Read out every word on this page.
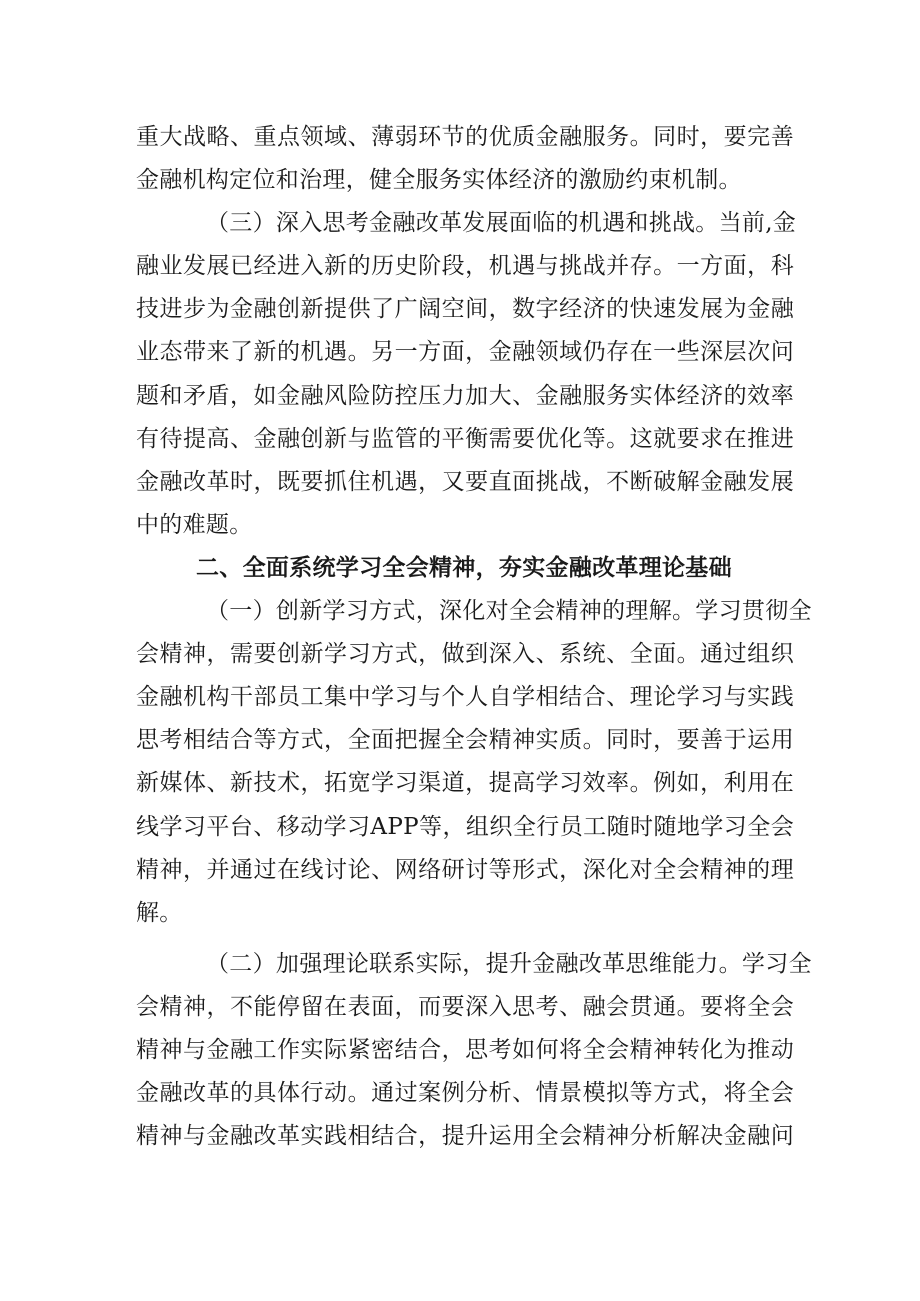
重大战略、重点领域、薄弱环节的优质金融服务。同时，要完善
金融机构定位和治理，健全服务实体经济的激励约束机制。
（三）深入思考金融改革发展面临的机遇和挑战。当前,金
融业发展已经进入新的历史阶段，机遇与挑战并存。一方面，科
技进步为金融创新提供了广阔空间，数字经济的快速发展为金融
业态带来了新的机遇。另一方面，金融领域仍存在一些深层次问
题和矛盾，如金融风险防控压力加大、金融服务实体经济的效率
有待提高、金融创新与监管的平衡需要优化等。这就要求在推进
金融改革时，既要抓住机遇，又要直面挑战，不断破解金融发展
中的难题。
二、全面系统学习全会精神，夯实金融改革理论基础
（一）创新学习方式，深化对全会精神的理解。学习贯彻全
会精神，需要创新学习方式，做到深入、系统、全面。通过组织
金融机构干部员工集中学习与个人自学相结合、理论学习与实践
思考相结合等方式，全面把握全会精神实质。同时，要善于运用
新媒体、新技术，拓宽学习渠道，提高学习效率。例如，利用在
线学习平台、移动学习APP等，组织全行员工随时随地学习全会
精神，并通过在线讨论、网络研讨等形式，深化对全会精神的理
解。
（二）加强理论联系实际，提升金融改革思维能力。学习全
会精神，不能停留在表面，而要深入思考、融会贯通。要将全会
精神与金融工作实际紧密结合，思考如何将全会精神转化为推动
金融改革的具体行动。通过案例分析、情景模拟等方式，将全会
精神与金融改革实践相结合，提升运用全会精神分析解决金融问
